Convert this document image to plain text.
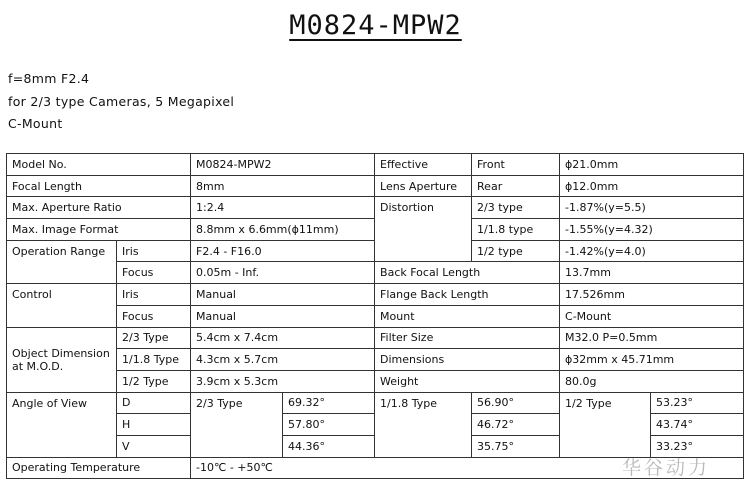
M0824-MPW2
f=8mm F2.4
for 2/3 type Cameras, 5 Megapixel
C-Mount
Model No.		M0824-MPW2		Effective	Front	ϕ21.0mm	
Focal Length		8mm		Lens Aperture	Rear	ϕ12.0mm	
Max. Aperture Ratio		1:2.4		Distortion	2/3 type	-1.87%(y=5.5)	
Max. Image Format		8.8mm x 6.6mm(ϕ11mm)			1/1.8 type	-1.55%(y=4.32)	
Operation Range	Iris	F2.4 - F16.0			1/2 type	-1.42%(y=4.0)	
	Focus	0.05m - Inf.		Back Focal Length		13.7mm	
Control	Iris	Manual		Flange Back Length		17.526mm	
	Focus	Manual		Mount		C-Mount	

Object Dimension
at M.O.D.	2/3 Type	5.4cm x 7.4cm		Filter Size		M32.0 P=0.5mm	
	1/1.8 Type	4.3cm x 5.7cm		Dimensions		ϕ32mm x 45.71mm	
	1/2 Type	3.9cm x 5.3cm		Weight		80.0g	
Angle of View	D	2/3 Type	69.32°	1/1.8 Type	56.90°	1/2 Type	53.23°
	H		57.80°		46.72°		43.74°
	V		44.36°		35.75°		33.23°
Operating Temperature		-10℃ - +50℃						华谷动力
